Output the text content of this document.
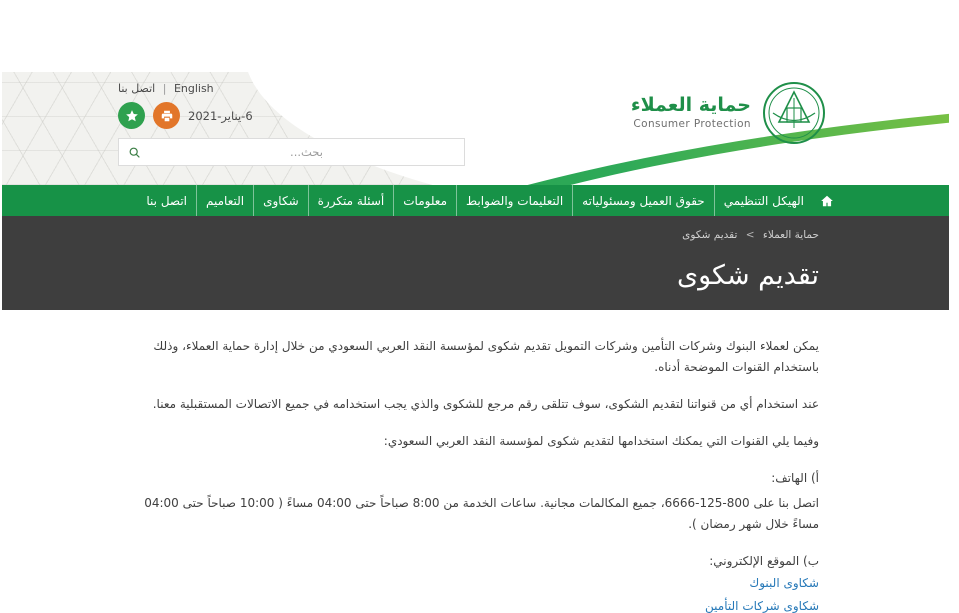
حماية العملاء
Consumer Protection
English | اتصل بنا
6-يناير-2021
بحث...
الهيكل التنظيمي
حقوق العميل ومسئولياته
التعليمات والضوابط
معلومات
أسئلة متكررة
شكاوى
التعاميم
اتصل بنا
حماية العملاء > تقديم شكوى
تقديم شكوى

يمكن لعملاء البنوك وشركات التأمين وشركات التمويل تقديم شكوى لمؤسسة النقد العربي السعودي من خلال إدارة حماية العملاء، وذلك باستخدام القنوات الموضحة أدناه.

عند استخدام أي من قنواتنا لتقديم الشكوى، سوف تتلقى رقم مرجع للشكوى والذي يجب استخدامه في جميع الاتصالات المستقبلية معنا.

وفيما يلي القنوات التي يمكنك استخدامها لتقديم شكوى لمؤسسة النقد العربي السعودي:

أ) الهاتف:

اتصل بنا على 800-125-6666، جميع المكالمات مجانية. ساعات الخدمة من 8:00 صباحاً حتى 04:00 مساءً ( 10:00 صباحاً حتى 04:00 مساءً خلال شهر رمضان ).

ب) الموقع الإلكتروني:

شكاوى البنوك
شكاوى شركات التأمين
